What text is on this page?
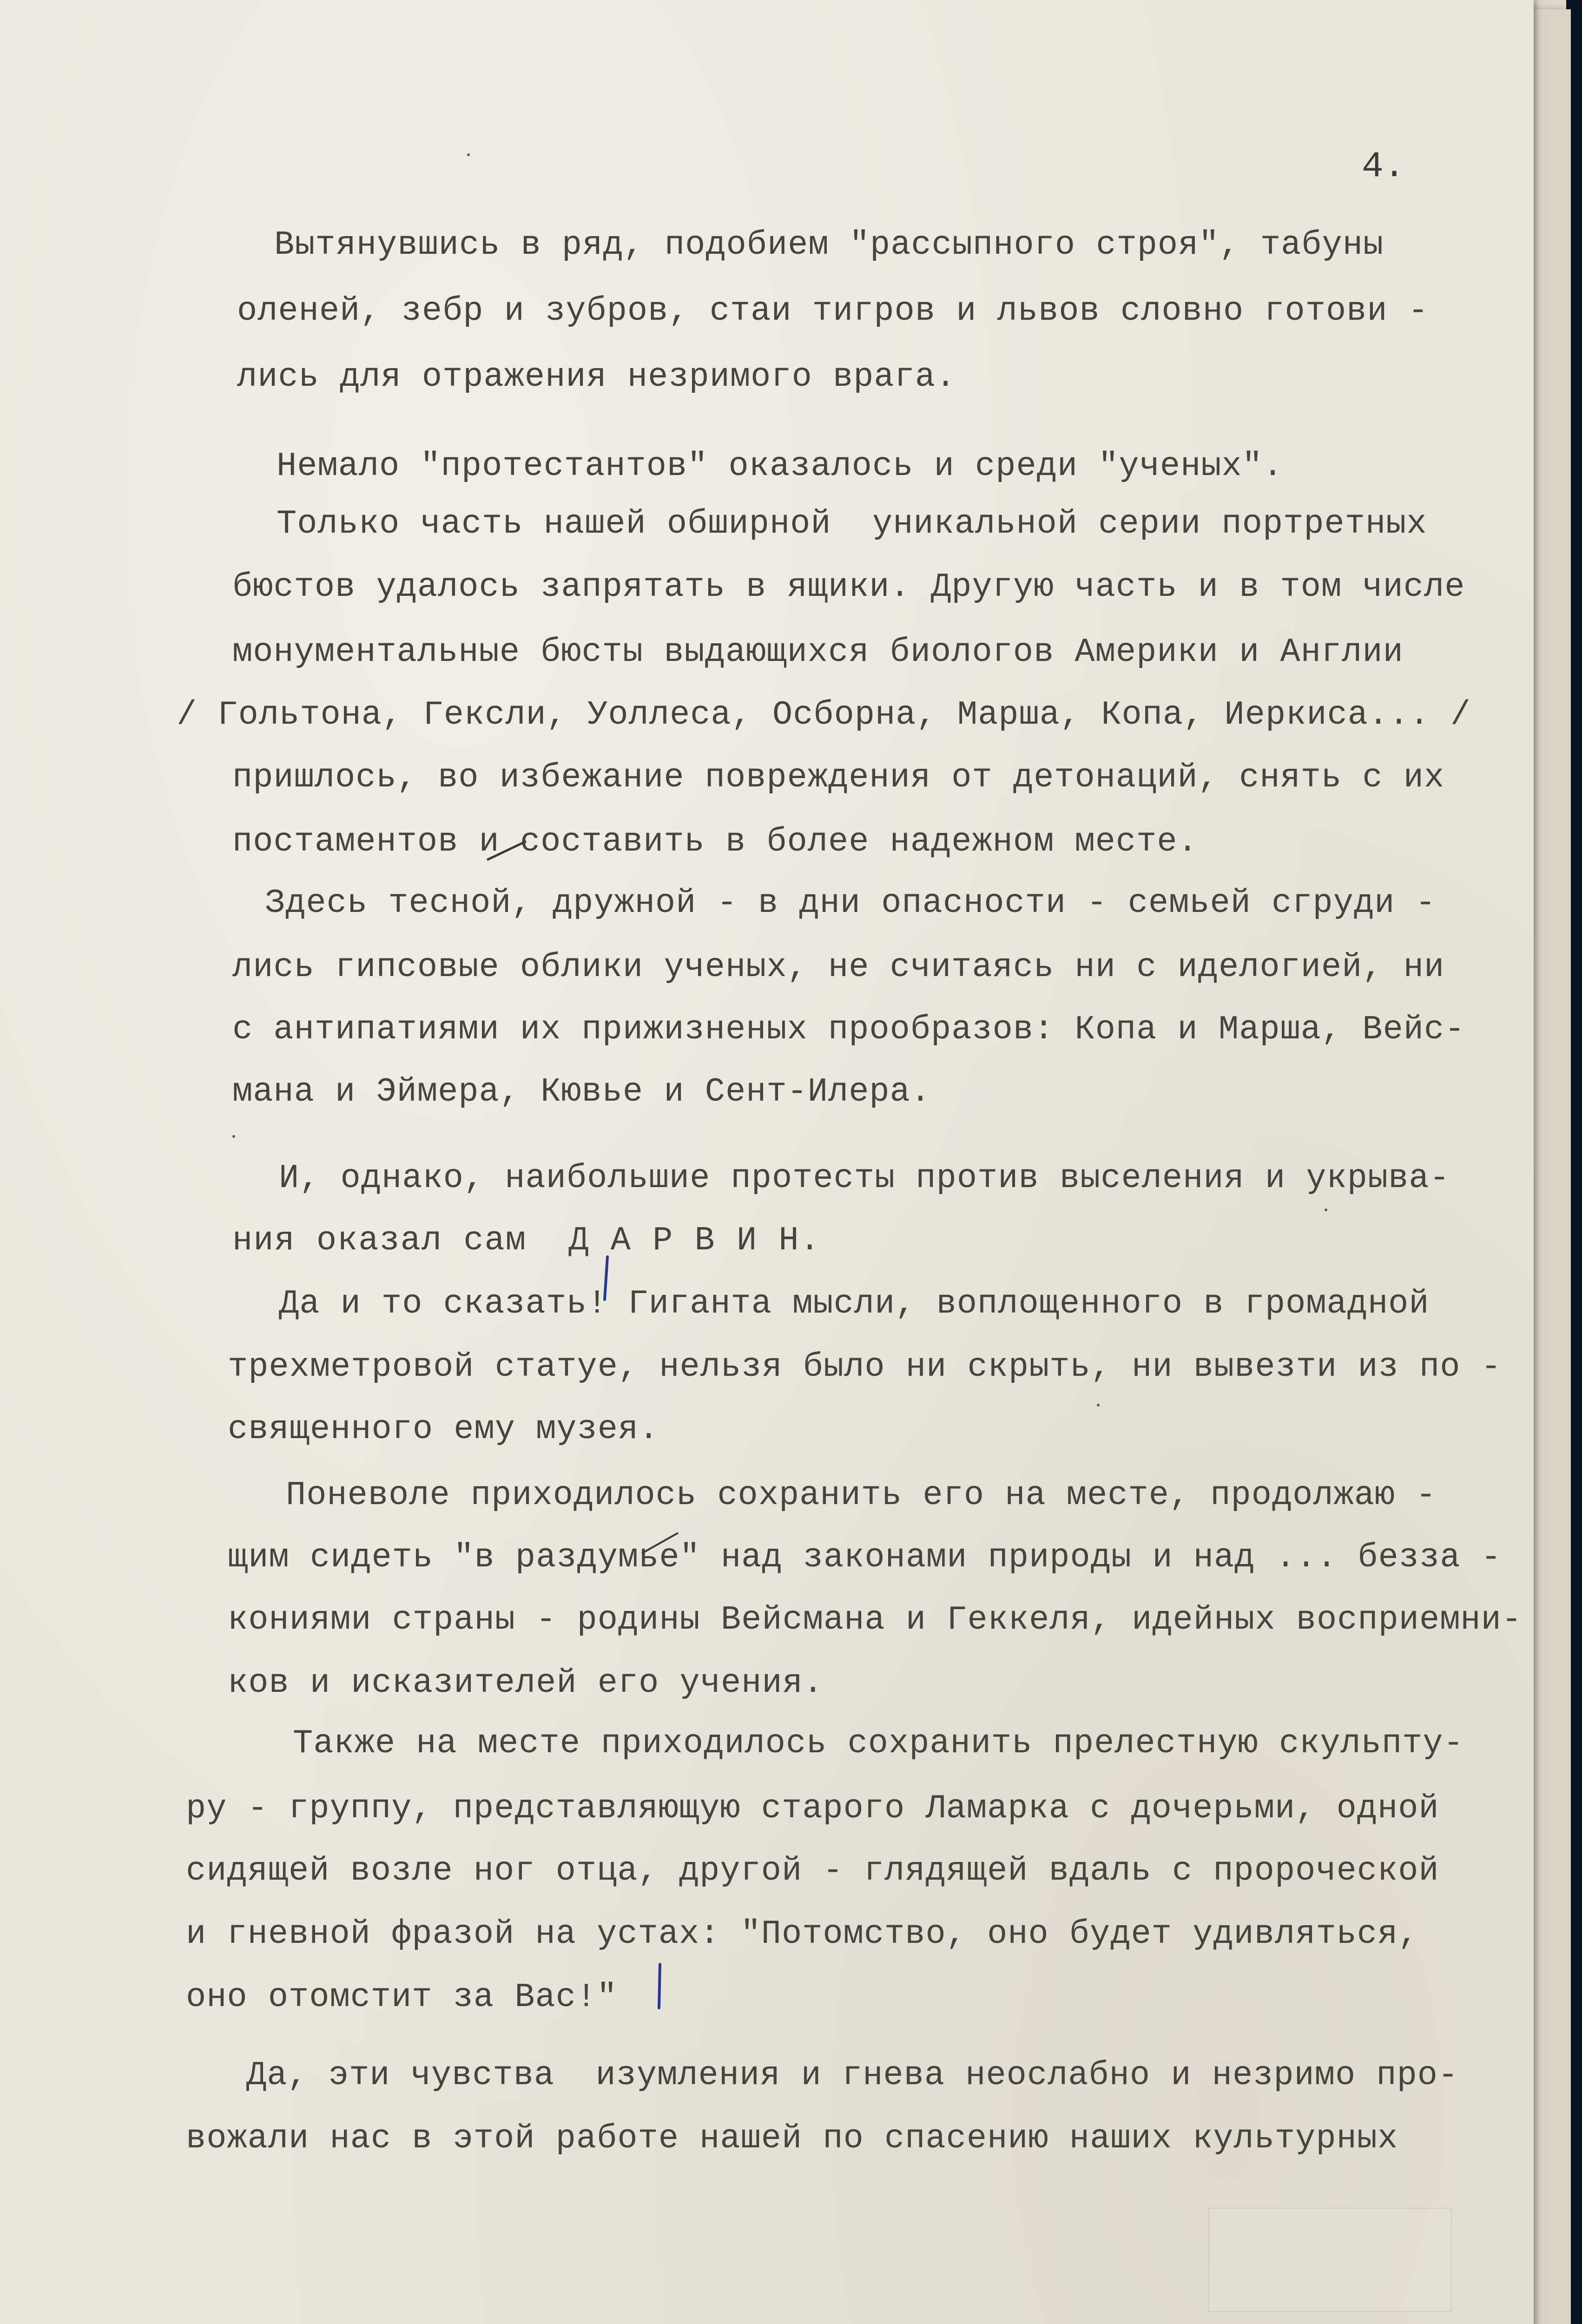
4.

Вытянувшись в ряд, подобием "рассыпного строя", табуны

оленей, зебр и зубров, стаи тигров и львов словно готови -

лись для отражения незримого врага.

Немало "протестантов" оказалось и среди "ученых".

Только часть нашей обширной  уникальной серии портретных

бюстов удалось запрятать в ящики. Другую часть и в том числе

монументальные бюсты выдающихся биологов Америки и Англии

/ Гольтона, Гексли, Уоллеса, Осборна, Марша, Копа, Иеркиса... /

пришлось, во избежание повреждения от детонаций, снять с их

постаментов и составить в более надежном месте.

Здесь тесной, дружной - в дни опасности - семьей сгруди -

лись гипсовые облики ученых, не считаясь ни с иделогией, ни

с антипатиями их прижизненых прообразов: Копа и Марша, Вейс-

мана и Эймера, Кювье и Сент-Илера.

И, однако, наибольшие протесты против выселения и укрыва-

ния оказал сам  Д А Р В И Н.

Да и то сказать! Гиганта мысли, воплощенного в громадной

трехметровой статуе, нельзя было ни скрыть, ни вывезти из по -

священного ему музея.

Поневоле приходилось сохранить его на месте, продолжаю -

щим сидеть "в раздумье" над законами природы и над ... беззa -

кониями страны - родины Вейсмана и Геккеля, идейных восприемни-

ков и исказителей его учения.

Также на месте приходилось сохранить прелестную скульпту-

ру - группу, представляющую старого Ламарка с дочерьми, одной

сидящей возле ног отца, другой - глядящей вдаль с пророческой

и гневной фразой на устах: "Потомство, оно будет удивляться,

оно отомстит за Вас!"

Да, эти чувства  изумления и гнева неослабно и незримо про-

вожали нас в этой работе нашей по спасению наших культурных
